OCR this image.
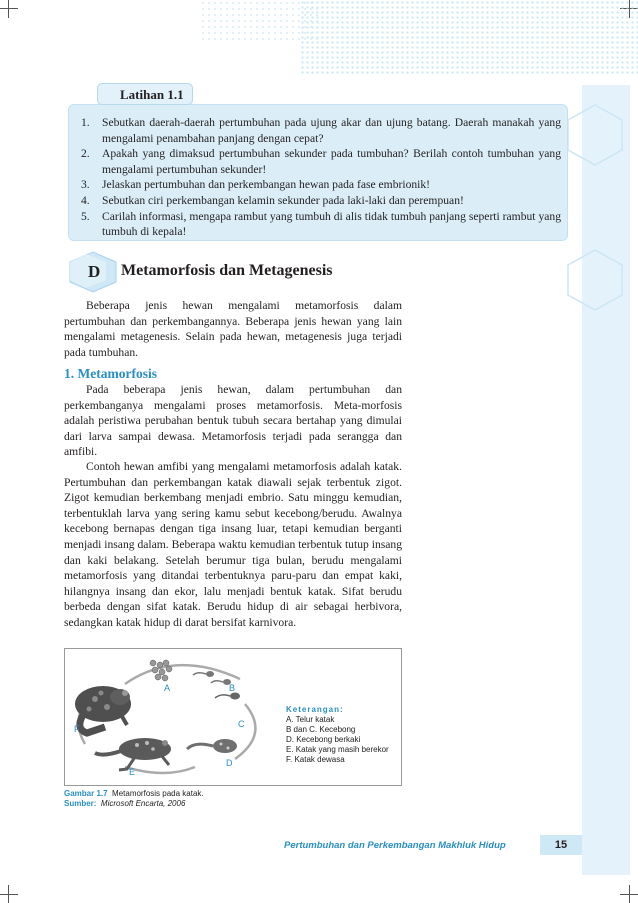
Latihan 1.1
1.	Sebutkan daerah-daerah pertumbuhan pada ujung akar dan ujung batang. Daerah manakah yang mengalami penambahan panjang dengan cepat?
2.	Apakah yang dimaksud pertumbuhan sekunder pada tumbuhan? Berilah contoh tumbuhan yang mengalami pertumbuhan sekunder!
3.	Jelaskan pertumbuhan dan perkembangan hewan pada fase embrionik!
4.	Sebutkan ciri perkembangan kelamin sekunder pada laki-laki dan perempuan!
5.	Carilah informasi, mengapa rambut yang tumbuh di alis tidak tumbuh panjang seperti rambut yang tumbuh di kepala!
D Metamorfosis dan Metagenesis

Beberapa jenis hewan mengalami metamorfosis dalam pertumbuhan dan perkembangannya. Beberapa jenis hewan yang lain mengalami metagenesis. Selain pada hewan, metagenesis juga terjadi pada tumbuhan.

1. Metamorfosis

Pada beberapa jenis hewan, dalam pertumbuhan dan perkembanganya mengalami proses metamorfosis. Meta-morfosis adalah peristiwa perubahan bentuk tubuh secara bertahap yang dimulai dari larva sampai dewasa. Metamorfosis terjadi pada serangga dan amfibi.

Contoh hewan amfibi yang mengalami metamorfosis adalah katak. Pertumbuhan dan perkembangan katak diawali sejak terbentuk zigot. Zigot kemudian berkembang menjadi embrio. Satu minggu kemudian, terbentuklah larva yang sering kamu sebut kecebong/berudu. Awalnya kecebong bernapas dengan tiga insang luar, tetapi kemudian berganti menjadi insang dalam. Beberapa waktu kemudian terbentuk tutup insang dan kaki belakang. Setelah berumur tiga bulan, berudu mengalami metamorfosis yang ditandai terbentuknya paru-paru dan empat kaki, hilangnya insang dan ekor, lalu menjadi bentuk katak. Sifat berudu berbeda dengan sifat katak. Berudu hidup di air sebagai herbivora, sedangkan katak hidup di darat bersifat karnivora.

A	B
C
D
E
F
Keterangan:
A. Telur katak
B dan C. Kecebong
D. Kecebong berkaki
E. Katak yang masih berekor
F. Katak dewasa
Gambar 1.7 Metamorfosis pada katak.
Sumber: Microsoft Encarta, 2006
Pertumbuhan dan Perkembangan Makhluk Hidup	15
